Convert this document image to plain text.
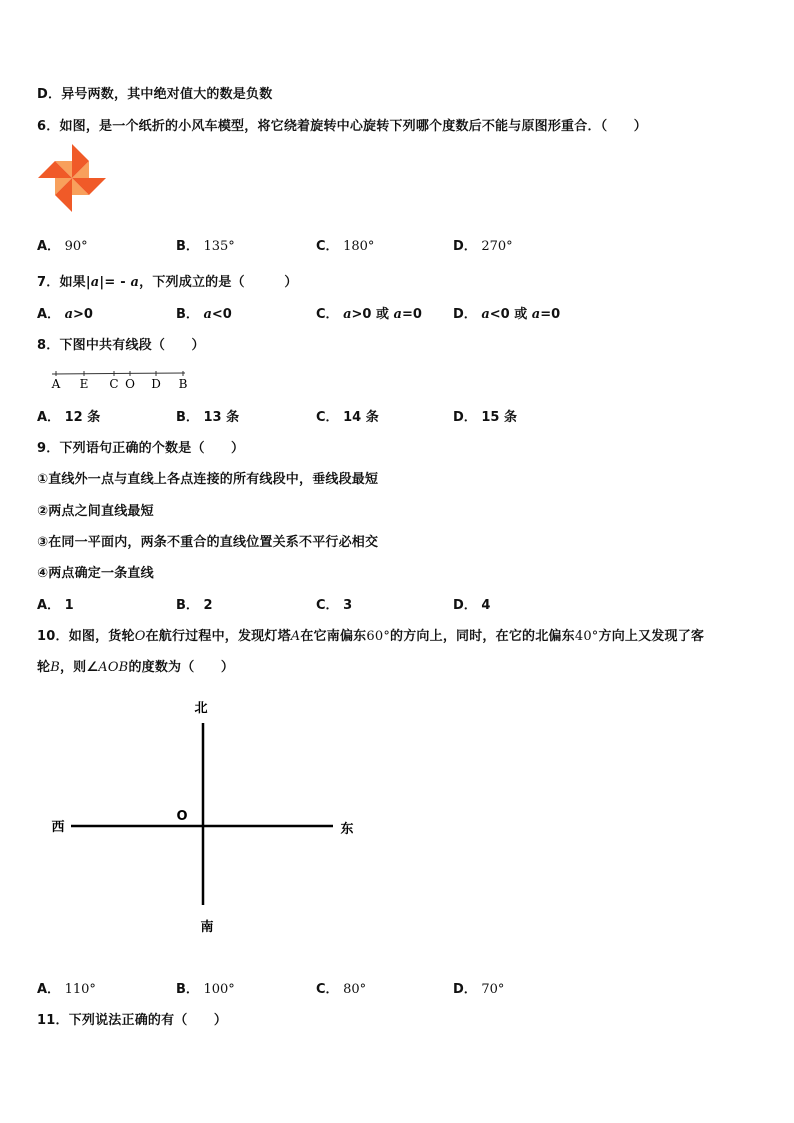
D．异号两数，其中绝对值大的数是负数
6．如图，是一个纸折的小风车模型，将它绕着旋转中心旋转下列哪个度数后不能与原图形重合．（　　）
A． 90°	B． 135°	C． 180°	D． 270°
7．如果|a|= - a，下列成立的是（　　　）
A． a>0	B． a<0	C． a>0 或 a=0 D． a<0 或 a=0
8．下图中共有线段（　　）
A E C O D B
A． 12 条	B． 13 条	C． 14 条	D． 15 条
9．下列语句正确的个数是（　　）
①直线外一点与直线上各点连接的所有线段中，垂线段最短
②两点之间直线最短
③在同一平面内，两条不重合的直线位置关系不平行必相交
④两点确定一条直线
A． 1	B． 2	C． 3	D． 4
10．如图，货轮O在航行过程中，发现灯塔A在它南偏东60°的方向上，同时，在它的北偏东40°方向上又发现了客
轮B，则∠AOB的度数为（　　）
北
南
西	东
O
A． 110°	B． 100°	C． 80°	D． 70°
11．下列说法正确的有（　　）
